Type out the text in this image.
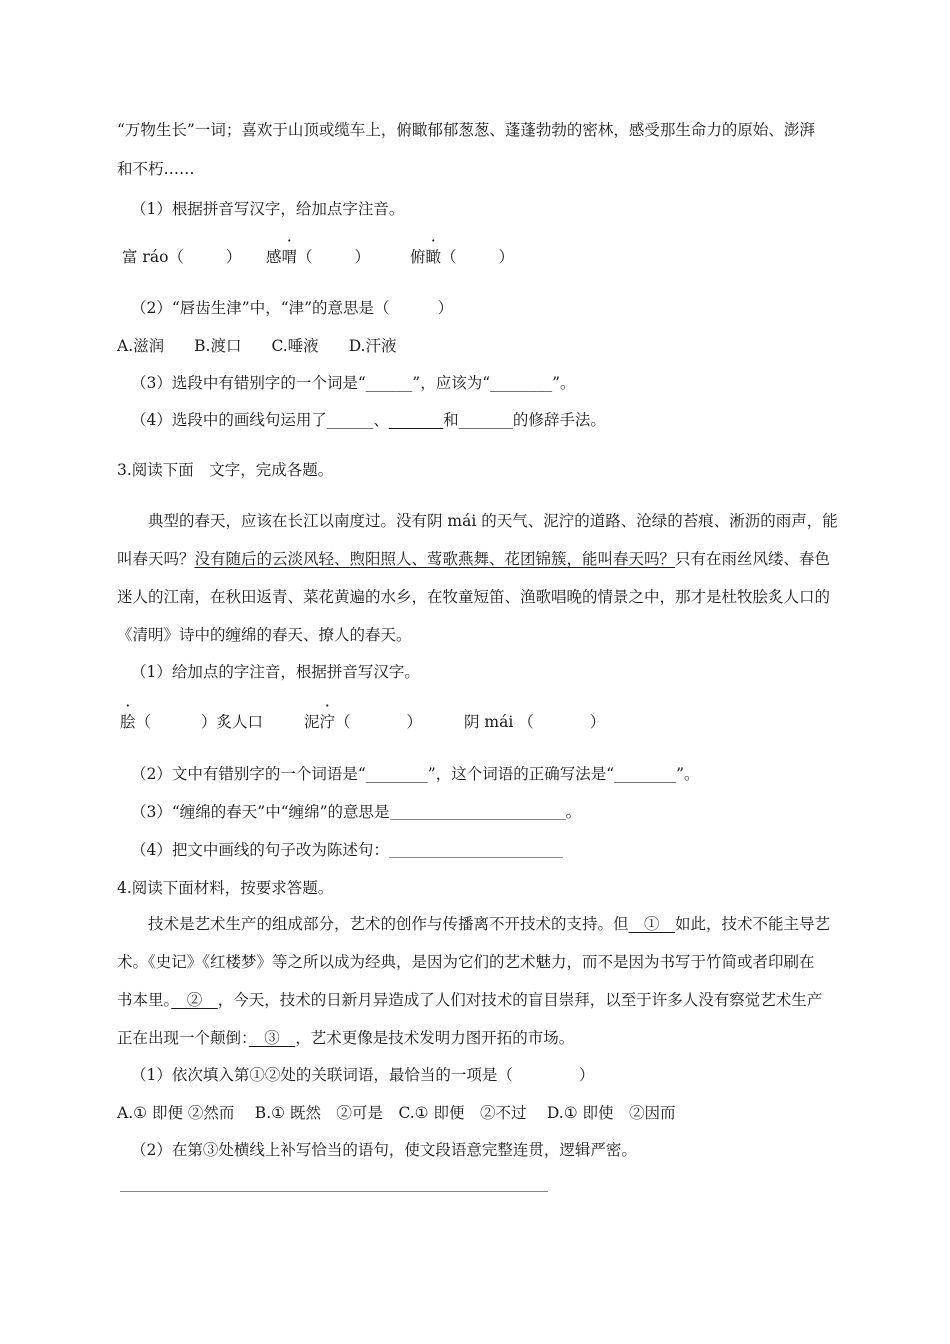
“万物生长”一词；喜欢于山顶或缆车上，俯瞰郁郁葱葱、蓬蓬勃勃的密林，感受那生命力的原始、澎湃
和不朽……
（1）根据拼音写汉字，给加点字注音。
富 ráo（	） 感喟（	）	俯瞰（	）
（2）“唇齿生津”中，“津”的意思是（	）
A.滋润 B.渡口 C.唾液 D.汗液
（3）选段中有错别字的一个词是“______”，应该为“________”。
（4）选段中的画线句运用了______、_______和_______的修辞手法。
3.阅读下面　文字，完成各题。
典型的春天，应该在长江以南度过。没有阴 mái 的天气、泥泞的道路、沧绿的苔痕、淅沥的雨声，能
叫春天吗？没有随后的云淡风轻、煦阳照人、莺歌燕舞、花团锦簇，能叫春天吗？只有在雨丝风缕、春色
迷人的江南，在秋田返青、菜花黄遍的水乡，在牧童短笛、渔歌唱晚的情景之中，那才是杜牧脍炙人口的
《清明》诗中的缠绵的春天、撩人的春天。
（1）给加点的字注音，根据拼音写汉字。
脍（	）炙人口	泥泞（	）	阴 mái （	）
（2）文中有错别字的一个词语是“________”，这个词语的正确写法是“________”。
（3）“缠绵的春天”中“缠绵”的意思是	。
（4）把文中画线的句子改为陈述句：
4.阅读下面材料，按要求答题。
技术是艺术生产的组成部分，艺术的创作与传播离不开技术的支持。但　①　如此，技术不能主导艺
术。《史记》《红楼梦》等之所以成为经典，是因为它们的艺术魅力，而不是因为书写于竹简或者印刷在
书本里。　②　，今天，技术的日新月异造成了人们对技术的盲目崇拜，以至于许多人没有察觉艺术生产
正在出现一个颠倒：　③　，艺术更像是技术发明力图开拓的市场。
（1）依次填入第①②处的关联词语，最恰当的一项是（	）
A.① 即便 ②然而　 B.① 既然　②可是　C.① 即便　②不过　 D.① 即使　②因而
（2）在第③处横线上补写恰当的语句，使文段语意完整连贯，逻辑严密。
